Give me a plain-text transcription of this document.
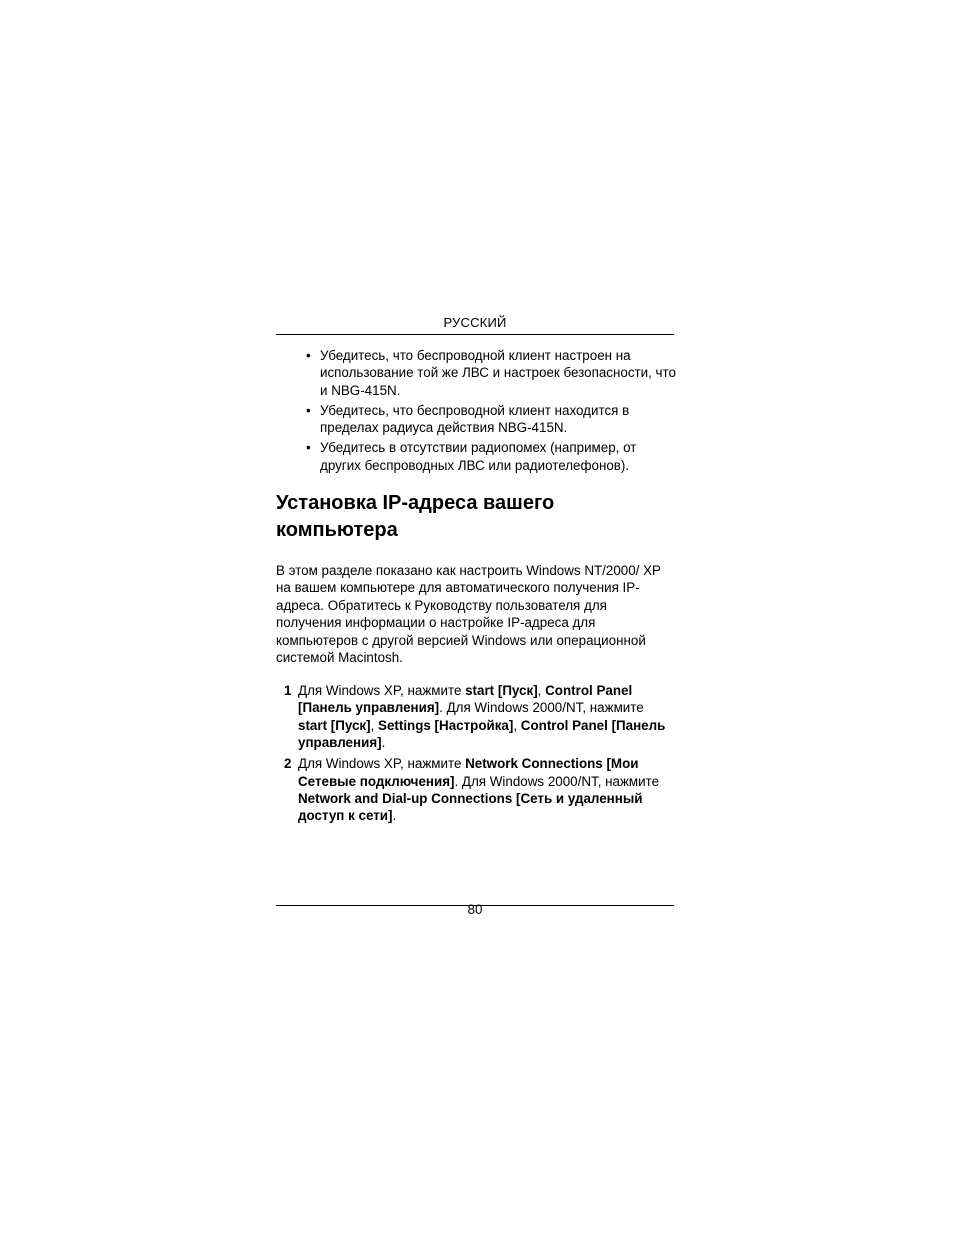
РУССКИЙ
• Убедитесь, что беспроводной клиент настроен на использование той же ЛВС и настроек безопасности, что и NBG-415N.
• Убедитесь, что беспроводной клиент находится в пределах радиуса действия NBG-415N.
• Убедитесь в отсутствии радиопомех (например, от других беспроводных ЛВС или радиотелефонов).
Установка IP-адреса вашего
компьютера

В этом разделе показано как настроить Windows NT/2000/ XP на вашем компьютере для автоматического получения IP-адреса. Обратитесь к Руководству пользователя для получения информации о настройке IP-адреса для компьютеров с другой версией Windows или операционной системой Macintosh.

1 Для Windows XP, нажмите start [Пуск], Control Panel [Панель управления]. Для Windows 2000/NT, нажмите start [Пуск], Settings [Настройка], Control Panel [Панель управления].
2 Для Windows XP, нажмите Network Connections [Мои Сетевые подключения]. Для Windows 2000/NT, нажмите Network and Dial-up Connections [Сеть и удаленный доступ к сети].
80
